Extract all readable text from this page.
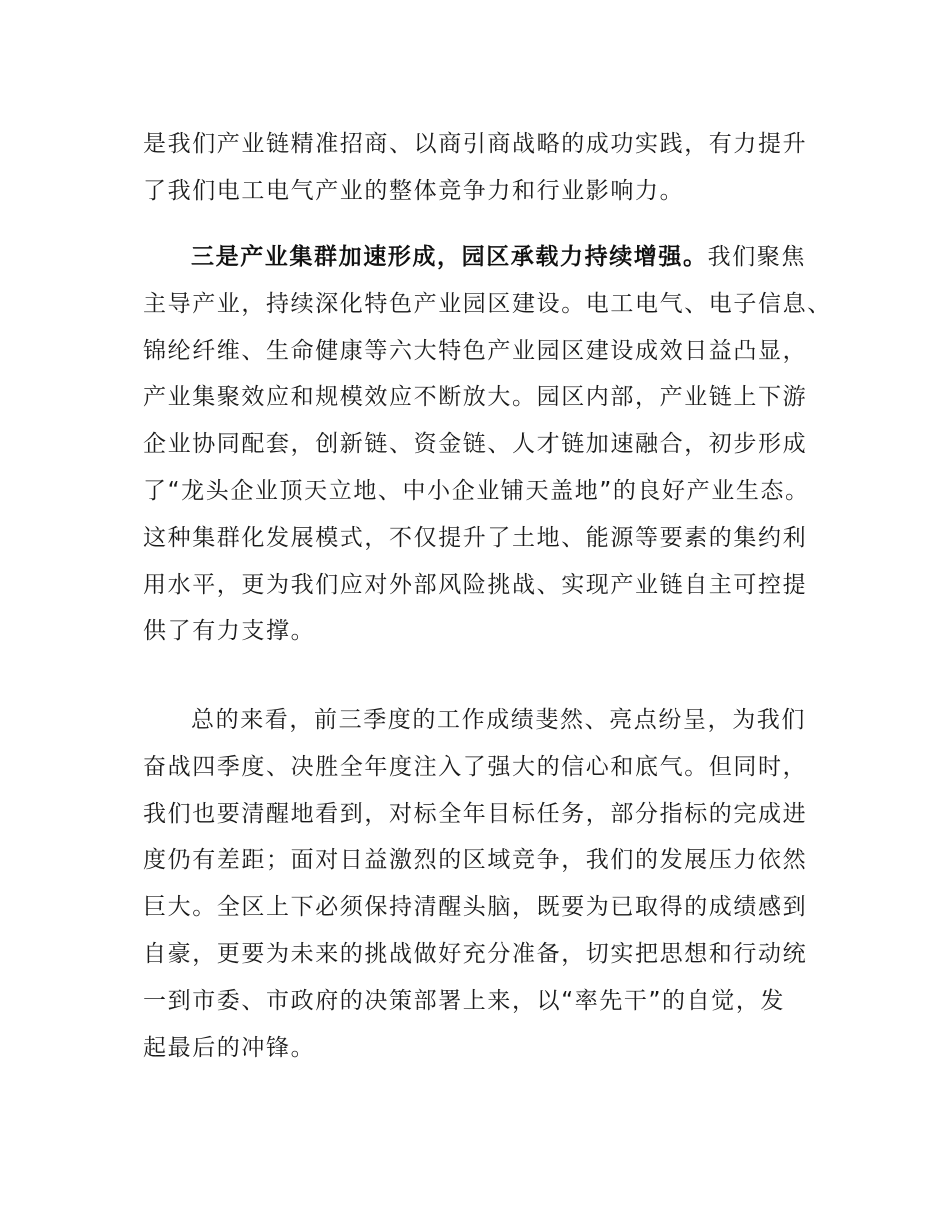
是我们产业链精准招商、以商引商战略的成功实践，有力提升
了我们电工电气产业的整体竞争力和行业影响力。

三是产业集群加速形成，园区承载力持续增强。我们聚焦
主导产业，持续深化特色产业园区建设。电工电气、电子信息、
锦纶纤维、生命健康等六大特色产业园区建设成效日益凸显，
产业集聚效应和规模效应不断放大。园区内部，产业链上下游
企业协同配套，创新链、资金链、人才链加速融合，初步形成
了“龙头企业顶天立地、中小企业铺天盖地”的良好产业生态。
这种集群化发展模式，不仅提升了土地、能源等要素的集约利
用水平，更为我们应对外部风险挑战、实现产业链自主可控提
供了有力支撑。

总的来看，前三季度的工作成绩斐然、亮点纷呈，为我们
奋战四季度、决胜全年度注入了强大的信心和底气。但同时，
我们也要清醒地看到，对标全年目标任务，部分指标的完成进
度仍有差距；面对日益激烈的区域竞争，我们的发展压力依然
巨大。全区上下必须保持清醒头脑，既要为已取得的成绩感到
自豪，更要为未来的挑战做好充分准备，切实把思想和行动统
一到市委、市政府的决策部署上来，以“率先干”的自觉，发
起最后的冲锋。
